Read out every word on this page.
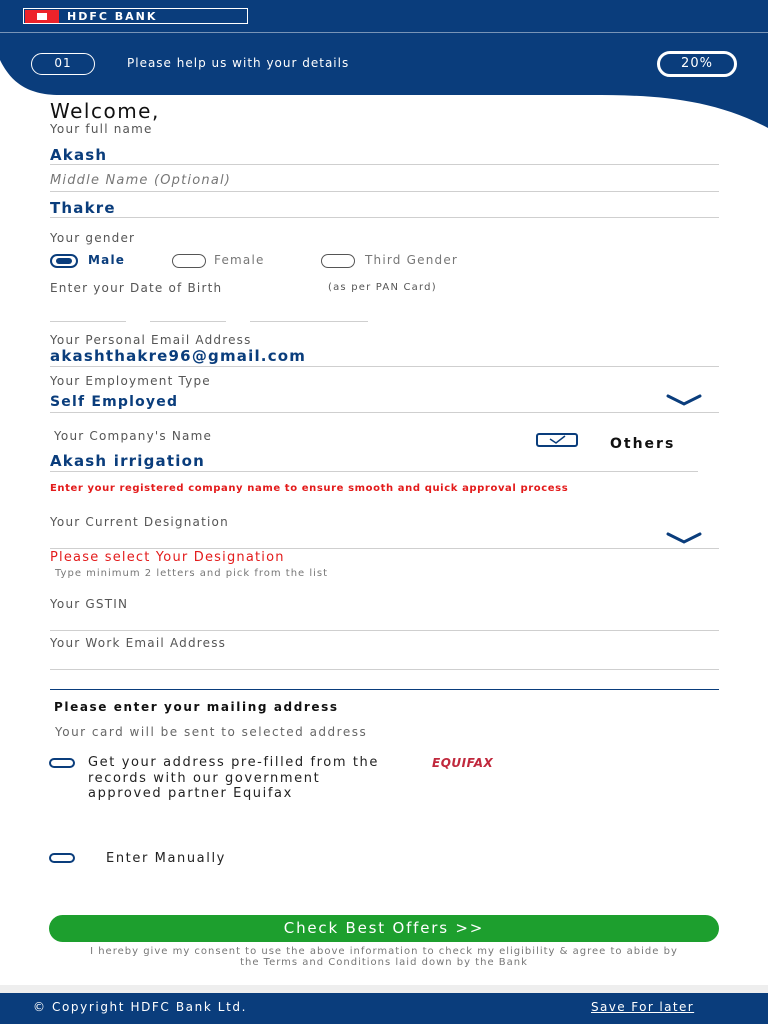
HDFC BANK
01	Please help us with your details	20%
Welcome,
Your full name
Akash
Middle Name (Optional)
Thakre
Your gender
Male	Female	Third Gender
Enter your Date of Birth	(as per PAN Card)
Your Personal Email Address
akashthakre96@gmail.com
Your Employment Type
Self Employed
Your Company's Name	Others
Akash irrigation
Enter your registered company name to ensure smooth and quick approval process
Your Current Designation
Please select Your Designation
Type minimum 2 letters and pick from the list
Your GSTIN
Your Work Email Address
Please enter your mailing address
Your card will be sent to selected address
Get your address pre-filled from the records with our government approved partner Equifax
EQUIFAX
Enter Manually
Check Best Offers >>
I hereby give my consent to use the above information to check my eligibility & agree to abide by the Terms and Conditions laid down by the Bank
© Copyright HDFC Bank Ltd.	Save For later
